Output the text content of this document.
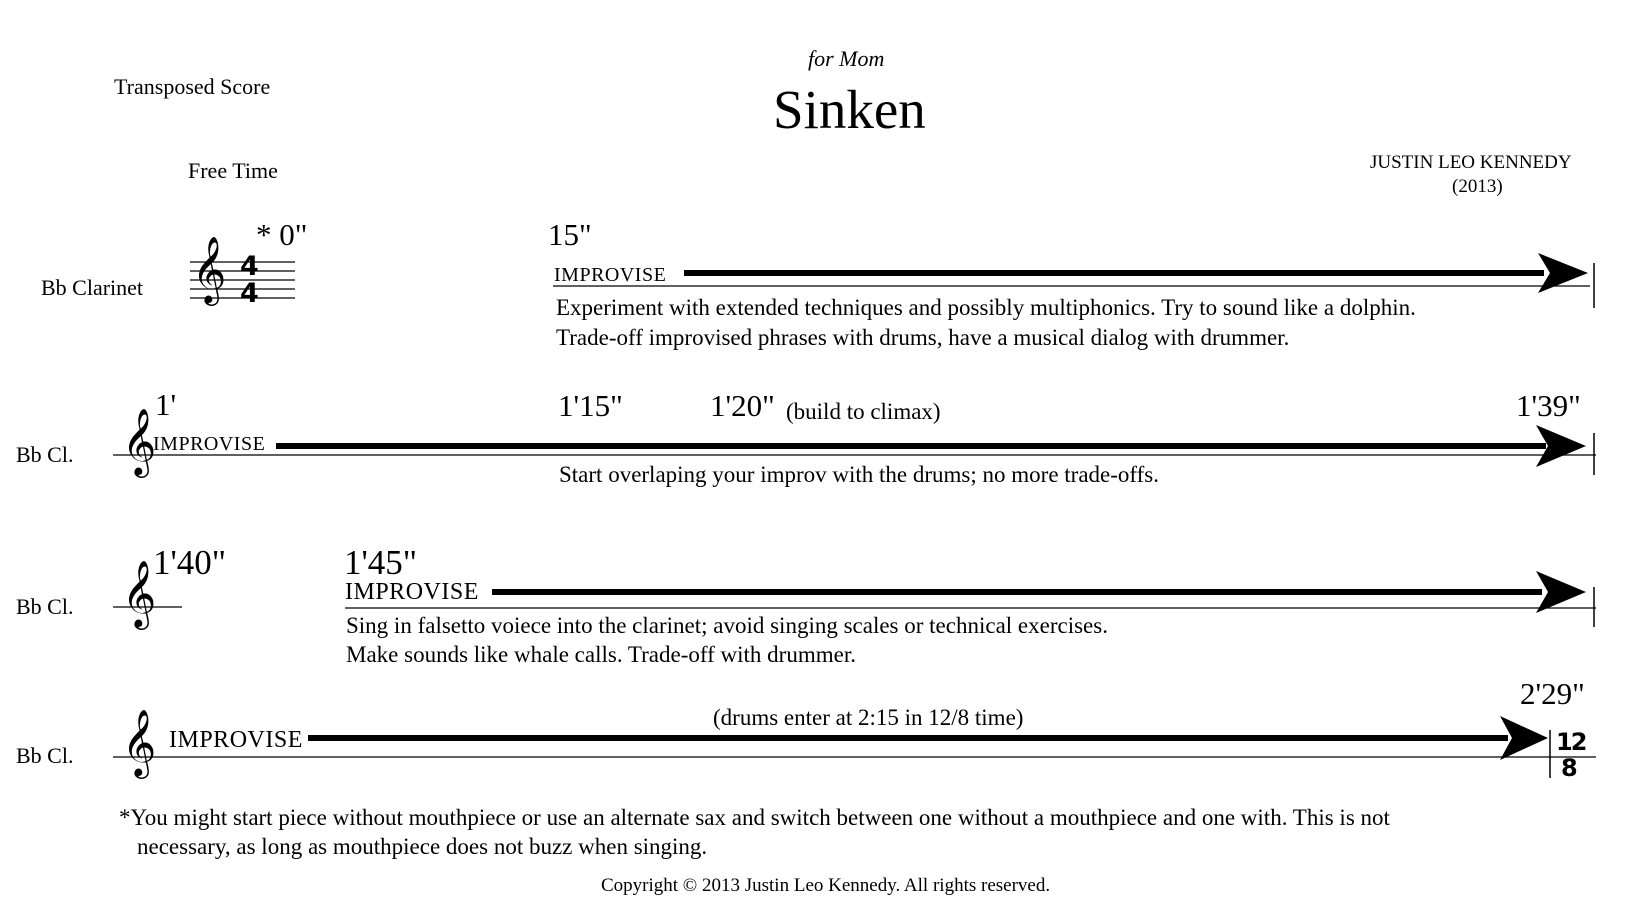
for Mom
Sinken
Transposed Score
Free Time	JUSTIN LEO KENNEDY
(2013)
Bb Clarinet 𝄞 4
4
* 0"	15"
IMPROVISE
Experiment with extended techniques and possibly multiphonics. Try to sound like a dolphin.
Trade-off improvised phrases with drums, have a musical dialog with drummer.
Bb Cl. 𝄞
1'	1'15"	1'20" (build to climax)	1'39"
IMPROVISE
Start overlaping your improv with the drums; no more trade-offs.
Bb Cl. 𝄞
1'40"	1'45"
IMPROVISE
Sing in falsetto voiece into the clarinet; avoid singing scales or technical exercises.
Make sounds like whale calls. Trade-off with drummer.
Bb Cl. 𝄞 IMPROVISE
(drums enter at 2:15 in 12/8 time)
2'29"
12
8
*You might start piece without mouthpiece or use an alternate sax and switch between one without a mouthpiece and one with. This is not
necessary, as long as mouthpiece does not buzz when singing.
Copyright © 2013 Justin Leo Kennedy. All rights reserved.
